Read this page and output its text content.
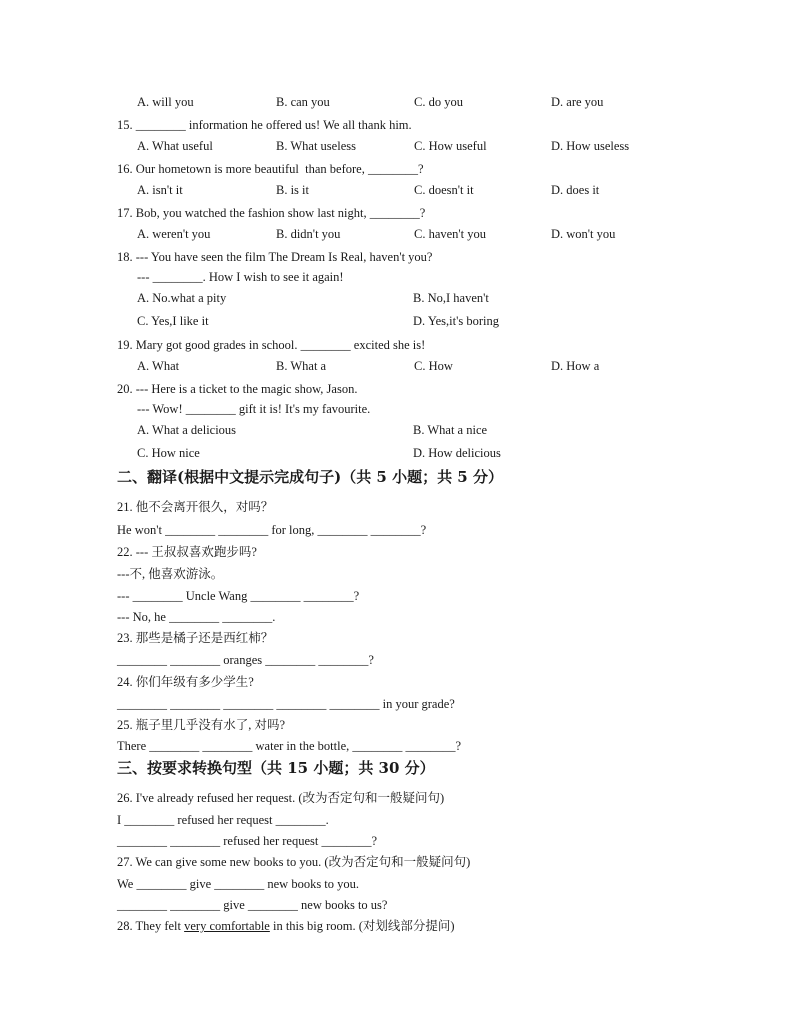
A. will you	B. can you	C. do you	D. are you
15. ________ information he offered us! We all thank him.
A. What useful	B. What useless	C. How useful	D. How useless
16. Our hometown is more beautiful  than before, ________?
A. isn't it	B. is it	C. doesn't it	D. does it
17. Bob, you watched the fashion show last night, ________?
A. weren't you	B. didn't you	C. haven't you	D. won't you
18. --- You have seen the film The Dream Is Real, haven't you?
--- ________. How I wish to see it again!
A. No.what a pity	B. No,I haven't
C. Yes,I like it	D. Yes,it's boring
19. Mary got good grades in school. ________ excited she is!
A. What	B. What a	C. How	D. How a
20. --- Here is a ticket to the magic show, Jason.
--- Wow! ________ gift it is! It's my favourite.
A. What a delicious	B. What a nice
C. How nice	D. How delicious
二、翻译(根据中文提示完成句子)（共 5 小题；共 5 分）
21. 他不会离开很久，对吗？
He won't ________ ________ for long, ________ ________?
22. --- 王叔叔喜欢跑步吗?
---不, 他喜欢游泳。
--- ________ Uncle Wang ________ ________?
--- No, he ________ ________.
23. 那些是橘子还是西红柿？
________ ________ oranges ________ ________?
24. 你们年级有多少学生?
________ ________ ________ ________ ________ in your grade?
25. 瓶子里几乎没有水了, 对吗?
There ________ ________ water in the bottle, ________ ________?
三、按要求转换句型（共 15 小题；共 30 分）
26. I've already refused her request. (改为否定句和一般疑问句)
I ________ refused her request ________.
________ ________ refused her request ________?
27. We can give some new books to you. (改为否定句和一般疑问句)
We ________ give ________ new books to you.
________ ________ give ________ new books to us?
28. They felt very comfortable in this big room. (对划线部分提问)
